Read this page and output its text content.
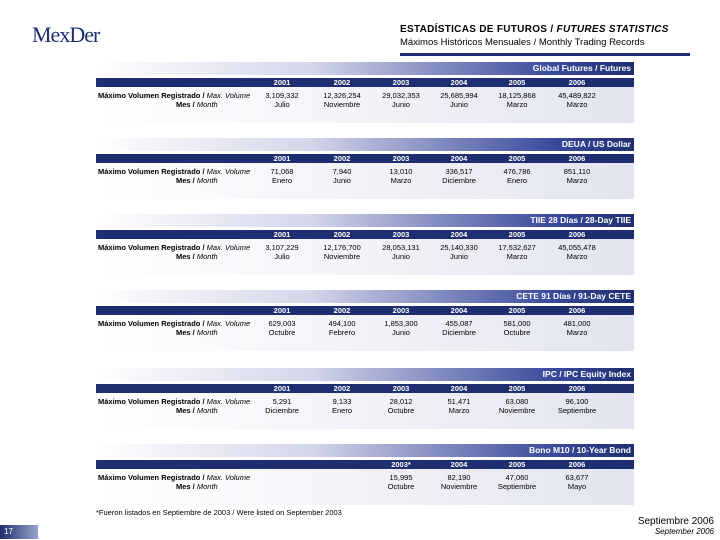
MexDer	ESTADÍSTICAS DE FUTUROS / FUTURES STATISTICS
Máximos Históricos Mensuales / Monthly Trading Records
Global Futures / Futures
2001	2002	2003	2004	2005	2006
Máximo Volumen Registrado / Max. Volume
Mes / Month
3,109,332	12,326,254	29,032,353	25,685,994	18,125,868	45,489,822
Julio	Noviembre	Junio	Junio	Marzo	Marzo
DEUA / US Dollar
2001	2002	2003	2004	2005	2006
Máximo Volumen Registrado / Max. Volume
Mes / Month
71,068	7,940	13,010	336,517	476,786	851,110
Enero	Junio	Marzo	Diciembre	Enero	Marzo
TIIE 28 Días / 28-Day TIIE
2001	2002	2003	2004	2005	2006
Máximo Volumen Registrado / Max. Volume
Mes / Month
3,107,229	12,176,700	28,053,131	25,140,330	17,532,627	45,055,478
Julio	Noviembre	Junio	Junio	Marzo	Marzo
CETE 91 Días / 91-Day CETE
2001	2002	2003	2004	2005	2006
Máximo Volumen Registrado / Max. Volume
Mes / Month
629,003	494,100	1,853,300	455,087	581,000	481,000
Octubre	Febrero	Junio	Diciembre	Octubre	Marzo
IPC / IPC Equity Index
2001	2002	2003	2004	2005	2006
Máximo Volumen Registrado / Max. Volume
Mes / Month
5,291	9,133	28,012	51,471	63,080	96,100
Diciembre	Enero	Octubre	Marzo	Noviembre	Septiembre
Bono M10 / 10-Year Bond
2003*	2004	2005	2006
Máximo Volumen Registrado / Max. Volume
Mes / Month
15,995	82,190	47,060	63,677
Octubre	Noviembre	Septiembre	Mayo
*Fueron listados en Septiembre de 2003 / Were listed on September 2003
Septiembre 2006
September 2006
17
